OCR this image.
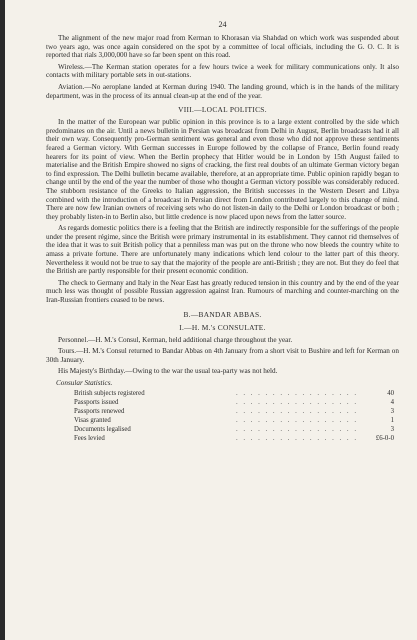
24

The alignment of the new major road from Kerman to Khorasan via Shahdad on which work was suspended about two years ago, was once again considered on the spot by a committee of local officials, including the G. O. C. It is reported that rials 3,000,000 have so far been spent on this road.

Wireless.—The Kerman station operates for a few hours twice a week for military communications only. It also contacts with military portable sets in out-stations.

Aviation.—No aeroplane landed at Kerman during 1940. The landing ground, which is in the hands of the military department, was in the process of its annual clean-up at the end of the year.

VIII.—LOCAL POLITICS.

In the matter of the European war public opinion in this province is to a large extent controlled by the side which predominates on the air. Until a news bulletin in Persian was broadcast from Delhi in August, Berlin broadcasts had it all their own way. Consequently pro-German sentiment was general and even those who did not approve these sentiments feared a German victory. With German successes in Europe followed by the collapse of France, Berlin found ready hearers for its point of view. When the Berlin prophecy that Hitler would be in London by 15th August failed to materialise and the British Empire showed no signs of cracking, the first real doubts of an ultimate German victory began to find expression. The Delhi bulletin became available, therefore, at an appropriate time. Public opinion rapidly began to change until by the end of the year the number of those who thought a German victory possible was considerably reduced. The stubborn resistance of the Greeks to Italian aggression, the British successes in the Western Desert and Libya combined with the introduction of a broadcast in Persian direct from London contributed largely to this change of mind. There are now few Iranian owners of receiving sets who do not listen-in daily to the Delhi or London broadcast or both ; they probably listen-in to Berlin also, but little credence is now placed upon news from the latter source.

As regards domestic politics there is a feeling that the British are indirectly responsible for the sufferings of the people under the present régime, since the British were primary instrumental in its establishment. They cannot rid themselves of the idea that it was to suit British policy that a penniless man was put on the throne who now bleeds the country white to amass a private fortune. There are unfortunately many indications which lend colour to the latter part of this theory. Nevertheless it would not be true to say that the majority of the people are anti-British ; they are not. But they do feel that the British are partly responsible for their present economic condition.

The check to Germany and Italy in the Near East has greatly reduced tension in this country and by the end of the year much less was thought of possible Russian aggression against Iran. Rumours of marching and counter-marching on the Iran-Russian frontiers ceased to be news.

B.—BANDAR ABBAS.
I.—H. M.'s CONSULATE.

Personnel.—H. M.'s Consul, Kerman, held additional charge throughout the year.

Tours.—H. M.'s Consul returned to Bandar Abbas on 4th January from a short visit to Bushire and left for Kerman on 30th January.

His Majesty's Birthday.—Owing to the war the usual tea-party was not held.

Consular Statistics.
British subjects registered	. . . . . . . . . . . . . . . . .	40
Passports issued	. . . . . . . . . . . . . . . . .	4
Passports renewed	. . . . . . . . . . . . . . . . .	3
Visas granted	. . . . . . . . . . . . . . . . .	1
Documents legalised	. . . . . . . . . . . . . . . . .	3
Fees levied	. . . . . . . . . . . . . . . . .	£6-0-0
